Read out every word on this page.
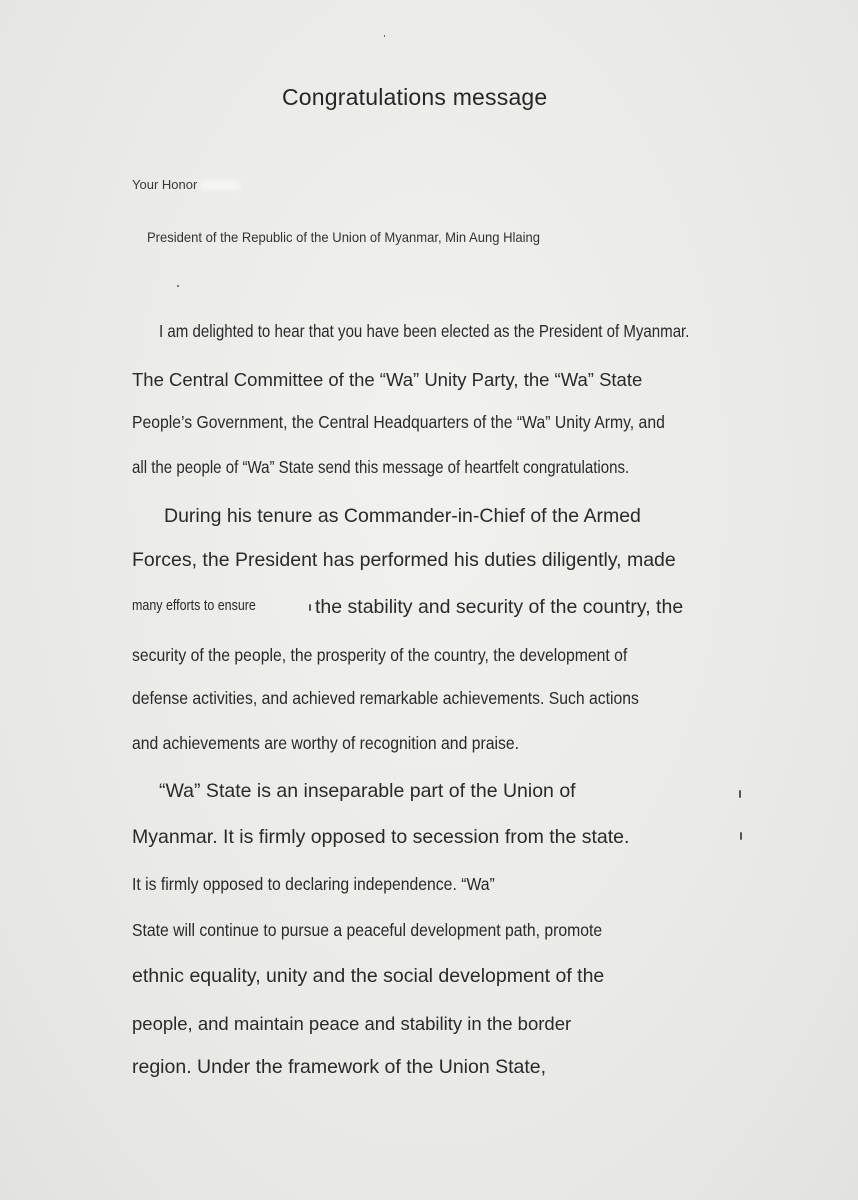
Congratulations message

Your Honor

President of the Republic of the Union of Myanmar, Min Aung Hlaing

I am delighted to hear that you have been elected as the President of Myanmar.

The Central Committee of the “Wa” Unity Party, the “Wa” State

People’s Government, the Central Headquarters of the “Wa” Unity Army, and

all the people of “Wa” State send this message of heartfelt congratulations.

During his tenure as Commander-in-Chief of the Armed

Forces, the President has performed his duties diligently, made

many efforts to ensure	the stability and security of the country, the

security of the people, the prosperity of the country, the development of

defense activities, and achieved remarkable achievements. Such actions

and achievements are worthy of recognition and praise.

“Wa” State is an inseparable part of the Union of

Myanmar. It is firmly opposed to secession from the state.

It is firmly opposed to declaring independence. “Wa”

State will continue to pursue a peaceful development path, promote

ethnic equality, unity and the social development of the

people, and maintain peace and stability in the border

region. Under the framework of the Union State,
